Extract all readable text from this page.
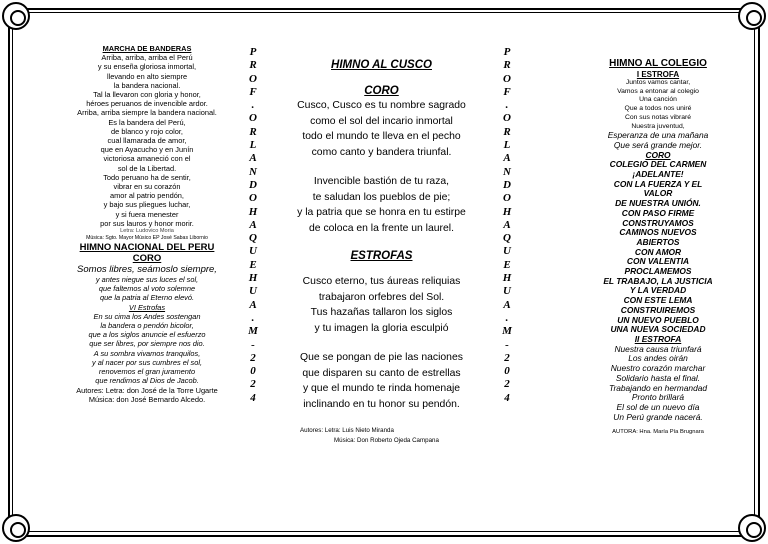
MARCHA DE BANDERAS
Arriba, arriba, arriba el Perú
y su enseña gloriosa inmortal,
llevando en alto siempre
la bandera nacional.
Tal la llevaron con gloria y honor,
héroes peruanos de invencible ardor.
Arriba, arriba siempre la bandera nacional.
Es la bandera del Perú,
de blanco y rojo color,
cual llamarada de amor,
que en Ayacucho y en Junín
victoriosa amaneció con el
sol de la Libertad.
Todo peruano ha de sentir,
vibrar en su corazón
amor al patrio pendón,
y bajo sus pliegues luchar,
y si fuera menester
por sus lauros y honor morir.
Letra: Ludovico Moria
Música: Sgto. Mayor Músico EP José Sabas Libornio
HIMNO NACIONAL DEL PERU
CORO
Somos libres, seámoslo siempre,
y antes niegue sus luces el sol,
que faltemos al voto solemne
que la patria al Eterno elevó.
VI Estrofas
En su cima los Andes sostengan
la bandera o pendón bicolor,
que a los siglos anuncie el esfuerzo
que ser libres, por siempre nos dio.
A su sombra vivamos tranquilos,
y al nacer por sus cumbres el sol,
renovemos el gran juramento
que rendimos al Dios de Jacob.
Autores: Letra: don José de la Torre Ugarte
Música: don José Bernardo Alcedo.
P
R
O
F
.
O
R
L
A
N
D
O
H
A
Q
U
E
H
U
A
.
M
-
2
0
2
4
HIMNO AL CUSCO
CORO
Cusco, Cusco es tu nombre sagrado
como el sol del incario inmortal
todo el mundo te lleva en el pecho
como canto y bandera triunfal.
Invencible bastión de tu raza,
te saludan los pueblos de pie;
y la patria que se honra en tu estirpe
de coloca en la frente un laurel.
ESTROFAS
Cusco eterno, tus áureas reliquias
trabajaron orfebres del Sol.
Tus hazañas tallaron los siglos
y tu imagen la gloria esculpió
Que se pongan de pie las naciones
que disparen su canto de estrellas
y que el mundo te rinda homenaje
inclinando en tu honor su pendón.
Autores: Letra: Luis Nieto Miranda
Música: Don Roberto Ojeda Campana
P
R
O
F
.
O
R
L
A
N
D
O
H
A
Q
U
E
H
U
A
.
M
-
2
0
2
4
HIMNO AL COLEGIO
I ESTROFA
Juntos vamos cantar,
Vamos a entonar al colegio
Una canción
Que a todos nos uniré
Con sus notas vibraré
Nuestra juventud,
Esperanza de una mañana
Que será grande mejor.
CORO
COLEGIO DEL CARMEN
¡ADELANTE!
CON LA FUERZA Y EL
VALOR
DE NUESTRA UNIÓN.
CON PASO FIRME
CONSTRUYAMOS
CAMINOS NUEVOS
ABIERTOS
CON AMOR
CON VALENTIA
PROCLAMEMOS
EL TRABAJO, LA JUSTICIA
Y LA VERDAD
CON ESTE LEMA
CONSTRUIREMOS
UN NUEVO PUEBLO
UNA NUEVA SOCIEDAD
II ESTROFA
Nuestra causa triunfará
Los andes oirán
Nuestro corazón marchar
Solidario hasta el final.
Trabajando en hermandad
Pronto brillará
El sol de un nuevo día
Un Perú grande nacerá.
AUTORA: Hna. María Pía Brugnara
